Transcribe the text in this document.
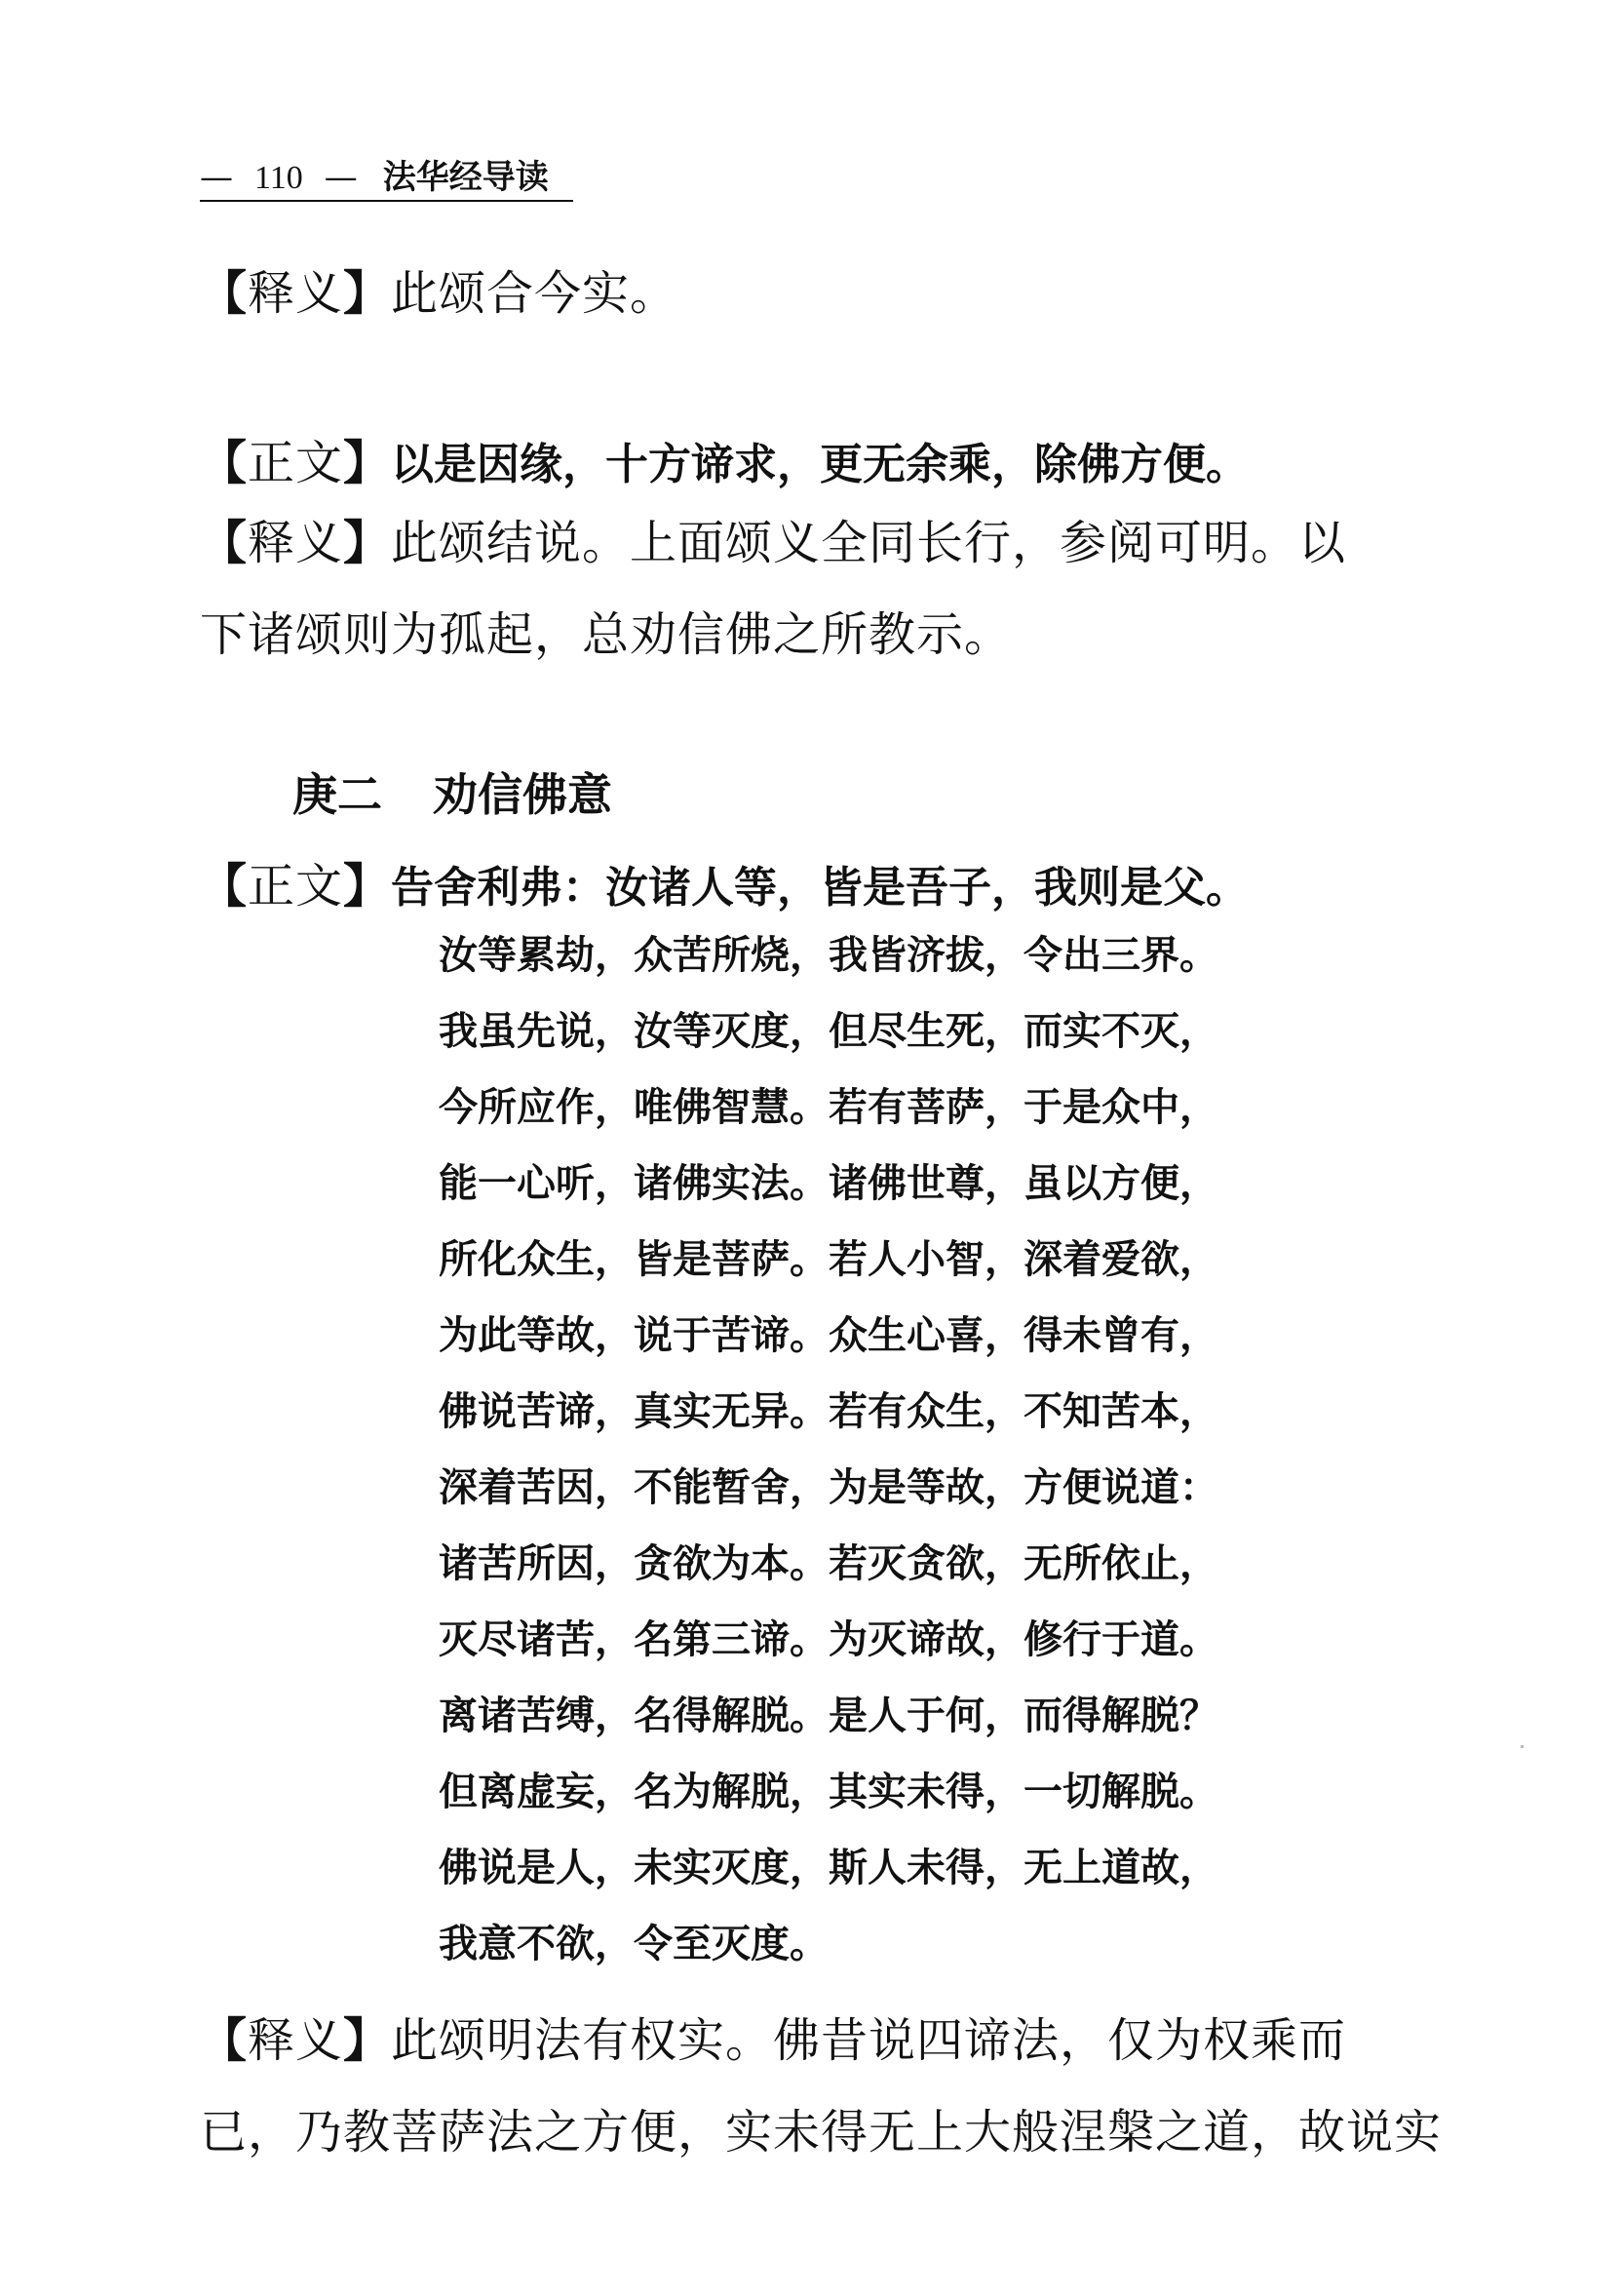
— 110 — 法华经导读
【释义】此颂合今实。
【正文】以是因缘，十方谛求，更无余乘，除佛方便。
【释义】此颂结说。上面颂义全同长行，参阅可明。以
下诸颂则为孤起，总劝信佛之所教示。
庚二 劝信佛意
【正文】告舍利弗：汝诸人等，皆是吾子，我则是父。
汝等累劫，众苦所烧，我皆济拔，令出三界。
我虽先说，汝等灭度，但尽生死，而实不灭，
今所应作，唯佛智慧。若有菩萨，于是众中，
能一心听，诸佛实法。诸佛世尊，虽以方便，
所化众生，皆是菩萨。若人小智，深着爱欲，
为此等故，说于苦谛。众生心喜，得未曾有，
佛说苦谛，真实无异。若有众生，不知苦本，
深着苦因，不能暂舍，为是等故，方便说道：
诸苦所因，贪欲为本。若灭贪欲，无所依止，
灭尽诸苦，名第三谛。为灭谛故，修行于道。
离诸苦缚，名得解脱。是人于何，而得解脱？
但离虚妄，名为解脱，其实未得，一切解脱。
佛说是人，未实灭度，斯人未得，无上道故，
我意不欲，令至灭度。
【释义】此颂明法有权实。佛昔说四谛法，仅为权乘而
已，乃教菩萨法之方便，实未得无上大般涅槃之道，故说实
